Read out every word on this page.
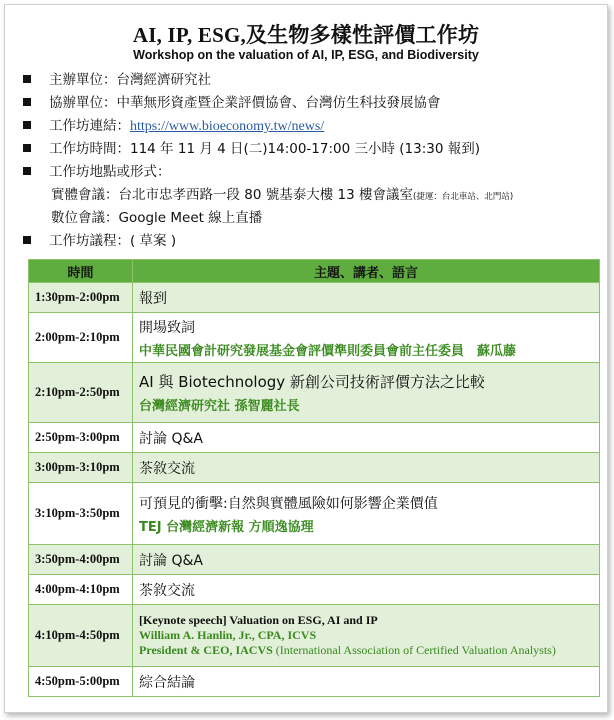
AI, IP, ESG,及生物多樣性評價工作坊
Workshop on the valuation of AI, IP, ESG, and Biodiversity
主辦單位：台灣經濟研究社
協辦單位：中華無形資產暨企業評價協會、台灣仿生科技發展協會
工作坊連結：https://www.bioeconomy.tw/news/
工作坊時間：114 年 11 月 4 日(二)14:00-17:00 三小時 (13:30 報到)
工作坊地點或形式：
實體會議：台北市忠孝西路一段 80 號基泰大樓 13 樓會議室(捷運：台北車站、北門站)
數位會議：Google Meet 線上直播
工作坊議程：( 草案 )
時間	主題、講者、語言
1:30pm-2:00pm	報到
2:00pm-2:10pm	開場致詞
中華民國會計研究發展基金會評價準則委員會前主任委員　蘇瓜藤

2:10pm-2:50pm	AI 與 Biotechnology 新創公司技術評價方法之比較
台灣經濟研究社 孫智麗社長

2:50pm-3:00pm	討論 Q&A
3:00pm-3:10pm	茶敘交流
3:10pm-3:50pm	可預見的衝擊:自然與實體風險如何影響企業價值
TEJ 台灣經濟新報 方順逸協理

3:50pm-4:00pm	討論 Q&A
4:00pm-4:10pm	茶敘交流
4:10pm-4:50pm	[Keynote speech] Valuation on ESG, AI and IP
William A. Hanlin, Jr., CPA, ICVS
President & CEO, IACVS (International Association of Certified Valuation Analysts)

4:50pm-5:00pm	綜合結論
